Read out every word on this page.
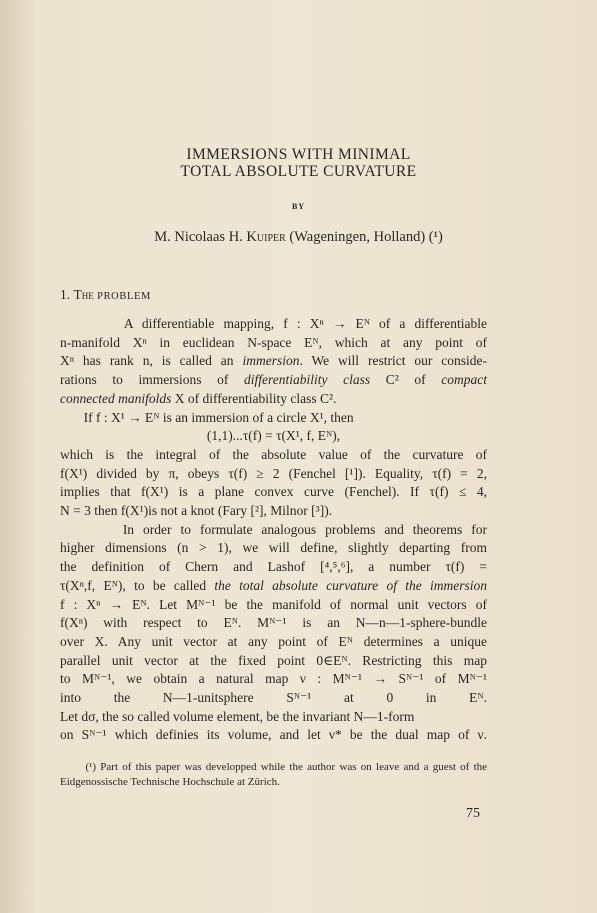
IMMERSIONS WITH MINIMAL
TOTAL ABSOLUTE CURVATURE
BY
M. Nicolaas H. Kuiper (Wageningen, Holland) (¹)
1. The PROBLEM
A differentiable mapping, f : Xⁿ → Eᴺ of a differentiable
n-manifold Xⁿ in euclidean N-space Eᴺ, which at any point of
Xⁿ has rank n, is called an immersion. We will restrict our conside-
rations to immersions of differentiability class C² of compact
connected manifolds X of differentiability class C².
If f : X¹ → Eᴺ is an immersion of a circle X¹, then
(1,1)...τ(f) = τ(X¹, f, Eᴺ),
which is the integral of the absolute value of the curvature of
f(X¹) divided by π, obeys τ(f) ≥ 2 (Fenchel [¹]). Equality, τ(f) = 2,
implies that f(X¹) is a plane convex curve (Fenchel). If τ(f) ≤ 4,
N = 3 then f(X¹)is not a knot (Fary [²], Milnor [³]).
In order to formulate analogous problems and theorems for
higher dimensions (n > 1), we will define, slightly departing from
the definition of Chern and Lashof [⁴,⁵,⁶], a number τ(f) =
τ(Xⁿ,f, Eᴺ), to be called the total absolute curvature of the immersion
f : Xⁿ → Eᴺ. Let Mᴺ⁻¹ be the manifold of normal unit vectors of
f(Xⁿ) with respect to Eᴺ. Mᴺ⁻¹ is an N—n—1-sphere-bundle
over X. Any unit vector at any point of Eᴺ determines a unique
parallel unit vector at the fixed point 0∈Eᴺ. Restricting this map
to Mᴺ⁻¹, we obtain a natural map ν : Mᴺ⁻¹ → Sᴺ⁻¹ of Mᴺ⁻¹
into the N—1-unitsphere Sᴺ⁻¹ at 0 in Eᴺ.
Let dσ, the so called volume element, be the invariant N—1-form
on Sᴺ⁻¹ which definies its volume, and let ν* be the dual map of ν.
(¹) Part of this paper was developped while the author was on leave and a guest of the Eidgenossische Technische Hochschule at Zürich.
75
